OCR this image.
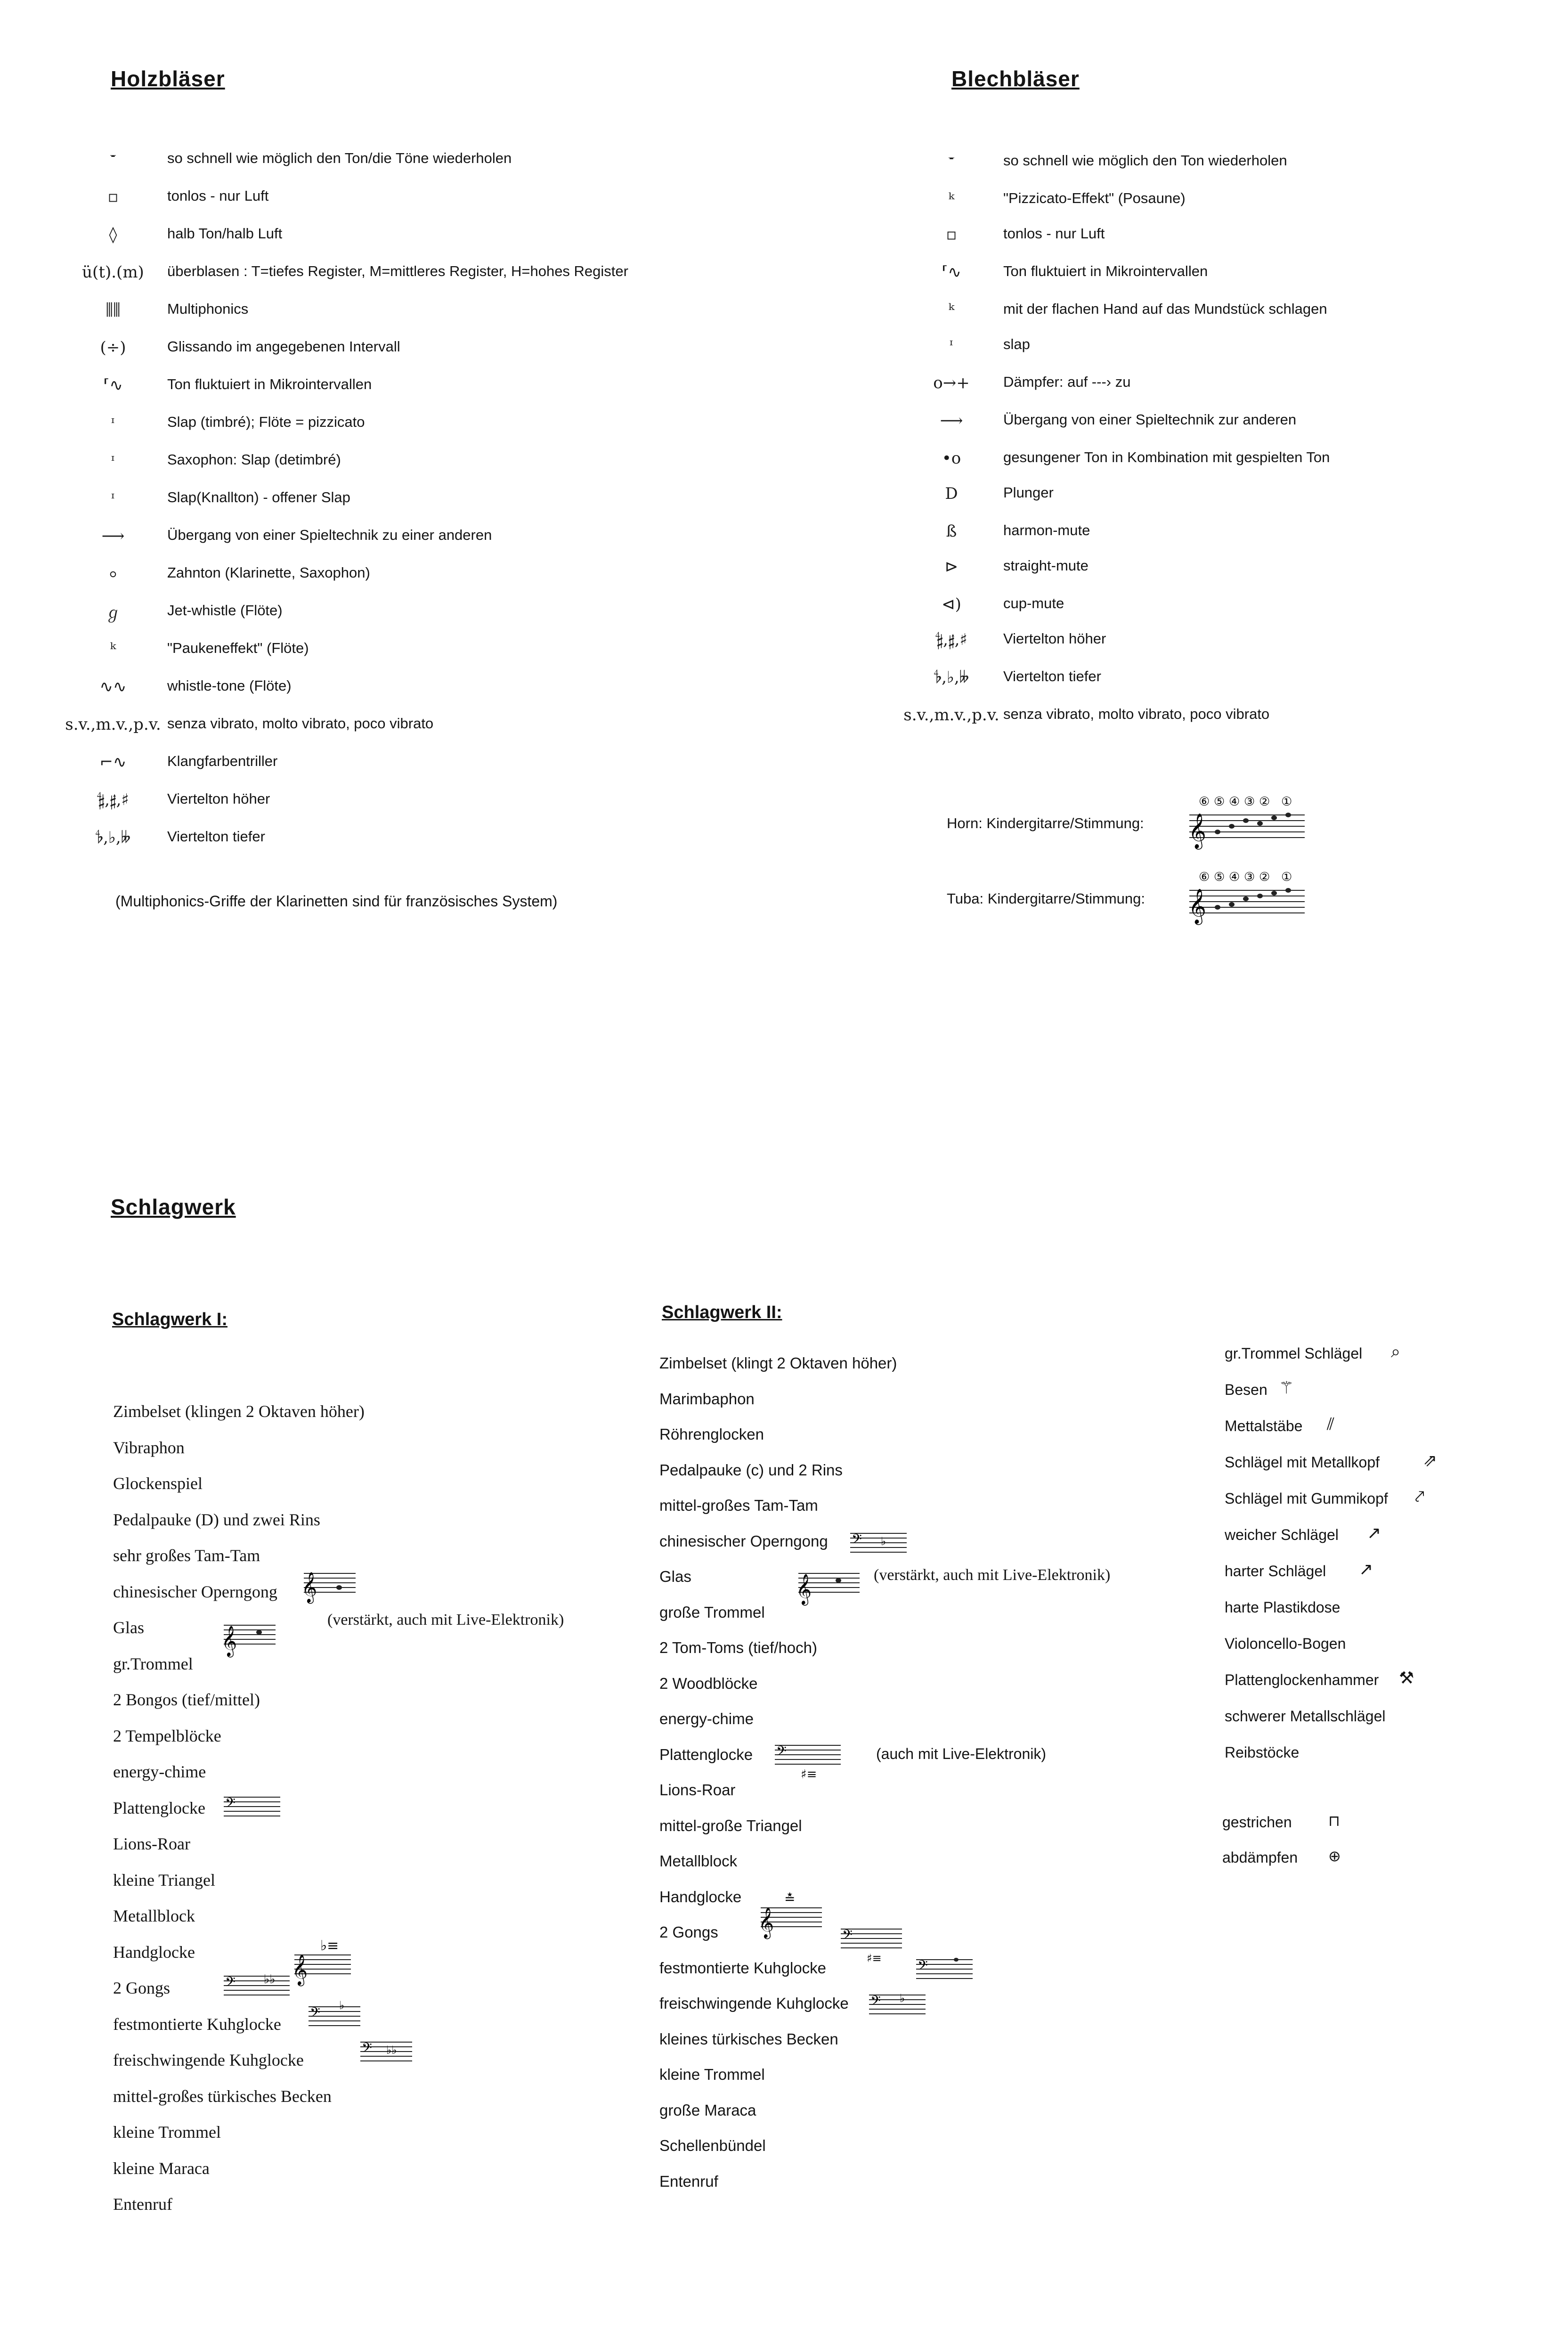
Holzbläser
𝄻	so schnell wie möglich den Ton/die Töne wiederholen
▫	tonlos - nur Luft
◊	halb Ton/halb Luft
ü(t).(m)	überblasen : T=tiefes Register, M=mittleres Register, H=hohes Register
⫼⫼	Multiphonics
(÷)	Glissando im angegebenen Intervall
⸢∿	Ton fluktuiert in Mikrointervallen
ᶦ	Slap (timbré); Flöte = pizzicato
ᶦ	Saxophon: Slap (detimbré)
ᶦ	Slap(Knallton) - offener Slap
⟶	Übergang von einer Spieltechnik zu einer anderen
⸰	Zahnton (Klarinette, Saxophon)
ℊ	Jet-whistle (Flöte)
ᵏ	"Paukeneffekt" (Flöte)
∿∿	whistle-tone (Flöte)
s.v.,m.v.,p.v. senza vibrato, molto vibrato, poco vibrato
⌐∿	Klangfarbentriller
𝄲,𝄰,♯	Viertelton höher
𝄳,♭,𝄫	Viertelton tiefer
(Multiphonics-Griffe der Klarinetten sind für französisches System)
Blechbläser
𝄻	so schnell wie möglich den Ton wiederholen
ᵏ	"Pizzicato-Effekt" (Posaune)
▫	tonlos - nur Luft
⸢∿	Ton fluktuiert in Mikrointervallen
ᵏ	mit der flachen Hand auf das Mundstück schlagen
ᶦ	slap
o→+	Dämpfer: auf ---› zu
⟶	Übergang von einer Spieltechnik zur anderen
•o	gesungener Ton in Kombination mit gespielten Ton
D	Plunger
ß	harmon-mute
⊳	straight-mute
⊲)	cup-mute
𝄲,𝄰,♯	Viertelton höher
𝄳,♭,𝄫	Viertelton tiefer
s.v.,m.v.,p.v. senza vibrato, molto vibrato, poco vibrato
Horn: Kindergitarre/Stimmung: 𝄞
⑥ ⑤ ④ ③ ② ①
Tuba: Kindergitarre/Stimmung: 𝄞
⑥ ⑤ ④ ③ ② ①
Schlagwerk
Schlagwerk I:
Zimbelset (klingen 2 Oktaven höher)
Vibraphon
Glockenspiel
Pedalpauke (D) und zwei Rins
sehr großes Tam-Tam
chinesischer Operngong
Glas
gr.Trommel
2 Bongos (tief/mittel)
2 Tempelblöcke
energy-chime
Plattenglocke
Lions-Roar
kleine Triangel
Metallblock
Handglocke
2 Gongs
festmontierte Kuhglocke
freischwingende Kuhglocke
mittel-großes türkisches Becken
kleine Trommel
kleine Maraca
Entenruf
(verstärkt, auch mit Live-Elektronik)
Schlagwerk II:
Zimbelset (klingt 2 Oktaven höher)
Marimbaphon
Röhrenglocken
Pedalpauke (c) und 2 Rins
mittel-großes Tam-Tam
chinesischer Operngong
Glas
große Trommel
2 Tom-Toms (tief/hoch)
2 Woodblöcke
energy-chime
Plattenglocke
Lions-Roar
mittel-große Triangel
Metallblock
Handglocke
2 Gongs
festmontierte Kuhglocke
freischwingende Kuhglocke
kleines türkisches Becken
kleine Trommel
große Maraca
Schellenbündel
Entenruf
(verstärkt, auch mit Live-Elektronik)
(auch mit Live-Elektronik)
gr.Trommel Schlägel ⌕
Besen ⚚
Mettalstäbe ⫽
Schlägel mit Metallkopf	⇗
Schlägel mit Gummikopf ⤤
weicher Schlägel ↗
harter Schlägel ↗
harte Plastikdose
Violoncello-Bogen
Plattenglockenhammer ⚒
schwerer Metallschlägel
Reibstöcke
gestrichen ⊓
abdämpfen ⊕
𝄞
𝄞
𝄢
𝄞
♭≡
𝄢 ♭♭
𝄢 ♭
𝄢 ♭♭
𝄢 ♭
𝄞
𝄢
♯≡
𝄞
≛
𝄢
♯≡ 𝄢
𝄢 ♭
